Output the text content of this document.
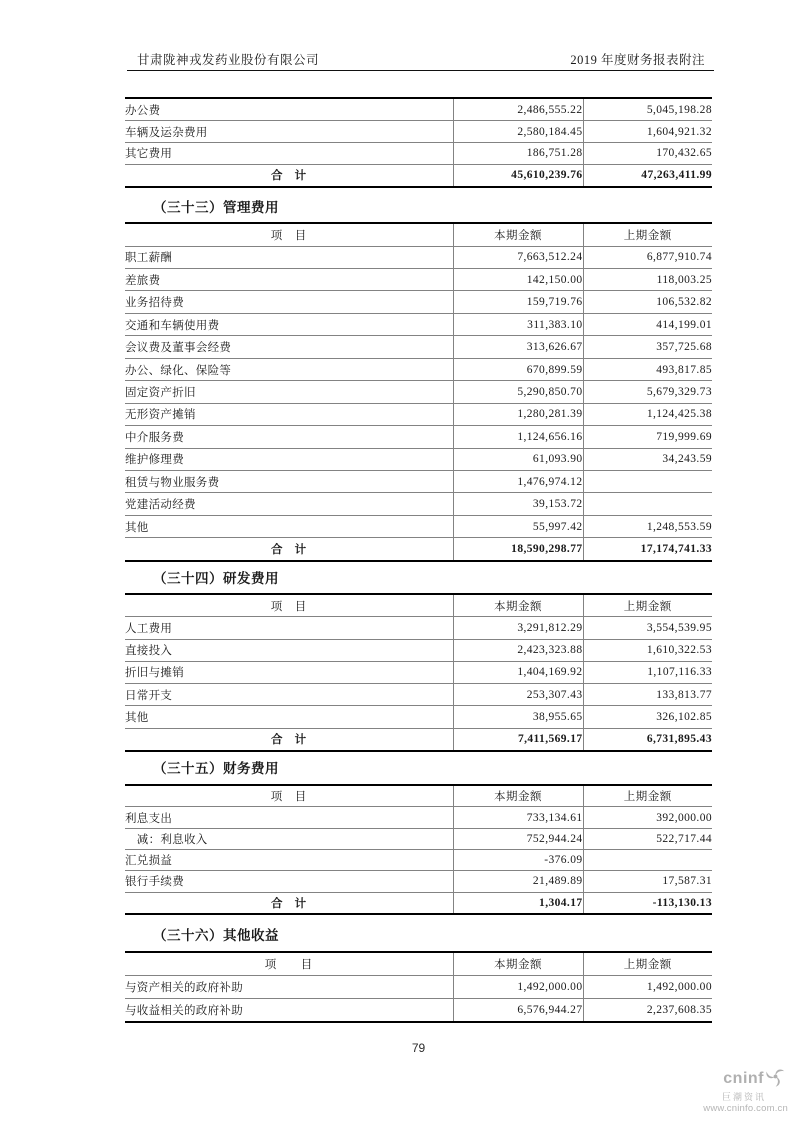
甘肃陇神戎发药业股份有限公司	2019 年度财务报表附注
办公费	2,486,555.22	5,045,198.28
车辆及运杂费用	2,580,184.45	1,604,921.32
其它费用	186,751.28	170,432.65
合　计	45,610,239.76	47,263,411.99
（三十三）管理费用
项　目	本期金额	上期金额
职工薪酬	7,663,512.24	6,877,910.74
差旅费	142,150.00	118,003.25
业务招待费	159,719.76	106,532.82
交通和车辆使用费	311,383.10	414,199.01
会议费及董事会经费	313,626.67	357,725.68
办公、绿化、保险等	670,899.59	493,817.85
固定资产折旧	5,290,850.70	5,679,329.73
无形资产摊销	1,280,281.39	1,124,425.38
中介服务费	1,124,656.16	719,999.69
维护修理费	61,093.90	34,243.59
租赁与物业服务费	1,476,974.12	
党建活动经费	39,153.72	
其他	55,997.42	1,248,553.59
合　计	18,590,298.77	17,174,741.33
（三十四）研发费用
项　目	本期金额	上期金额
人工费用	3,291,812.29	3,554,539.95
直接投入	2,423,323.88	1,610,322.53
折旧与摊销	1,404,169.92	1,107,116.33
日常开支	253,307.43	133,813.77
其他	38,955.65	326,102.85
合　计	7,411,569.17	6,731,895.43
（三十五）财务费用
项　目	本期金额	上期金额
利息支出	733,134.61	392,000.00
　减：利息收入	752,944.24	522,717.44
汇兑损益	-376.09	
银行手续费	21,489.89	17,587.31
合　计	1,304.17	-113,130.13
（三十六）其他收益
项　　目	本期金额	上期金额
与资产相关的政府补助	1,492,000.00	1,492,000.00
与收益相关的政府补助	6,576,944.27	2,237,608.35
79
cninf
巨潮资讯
www.cninfo.com.cn
